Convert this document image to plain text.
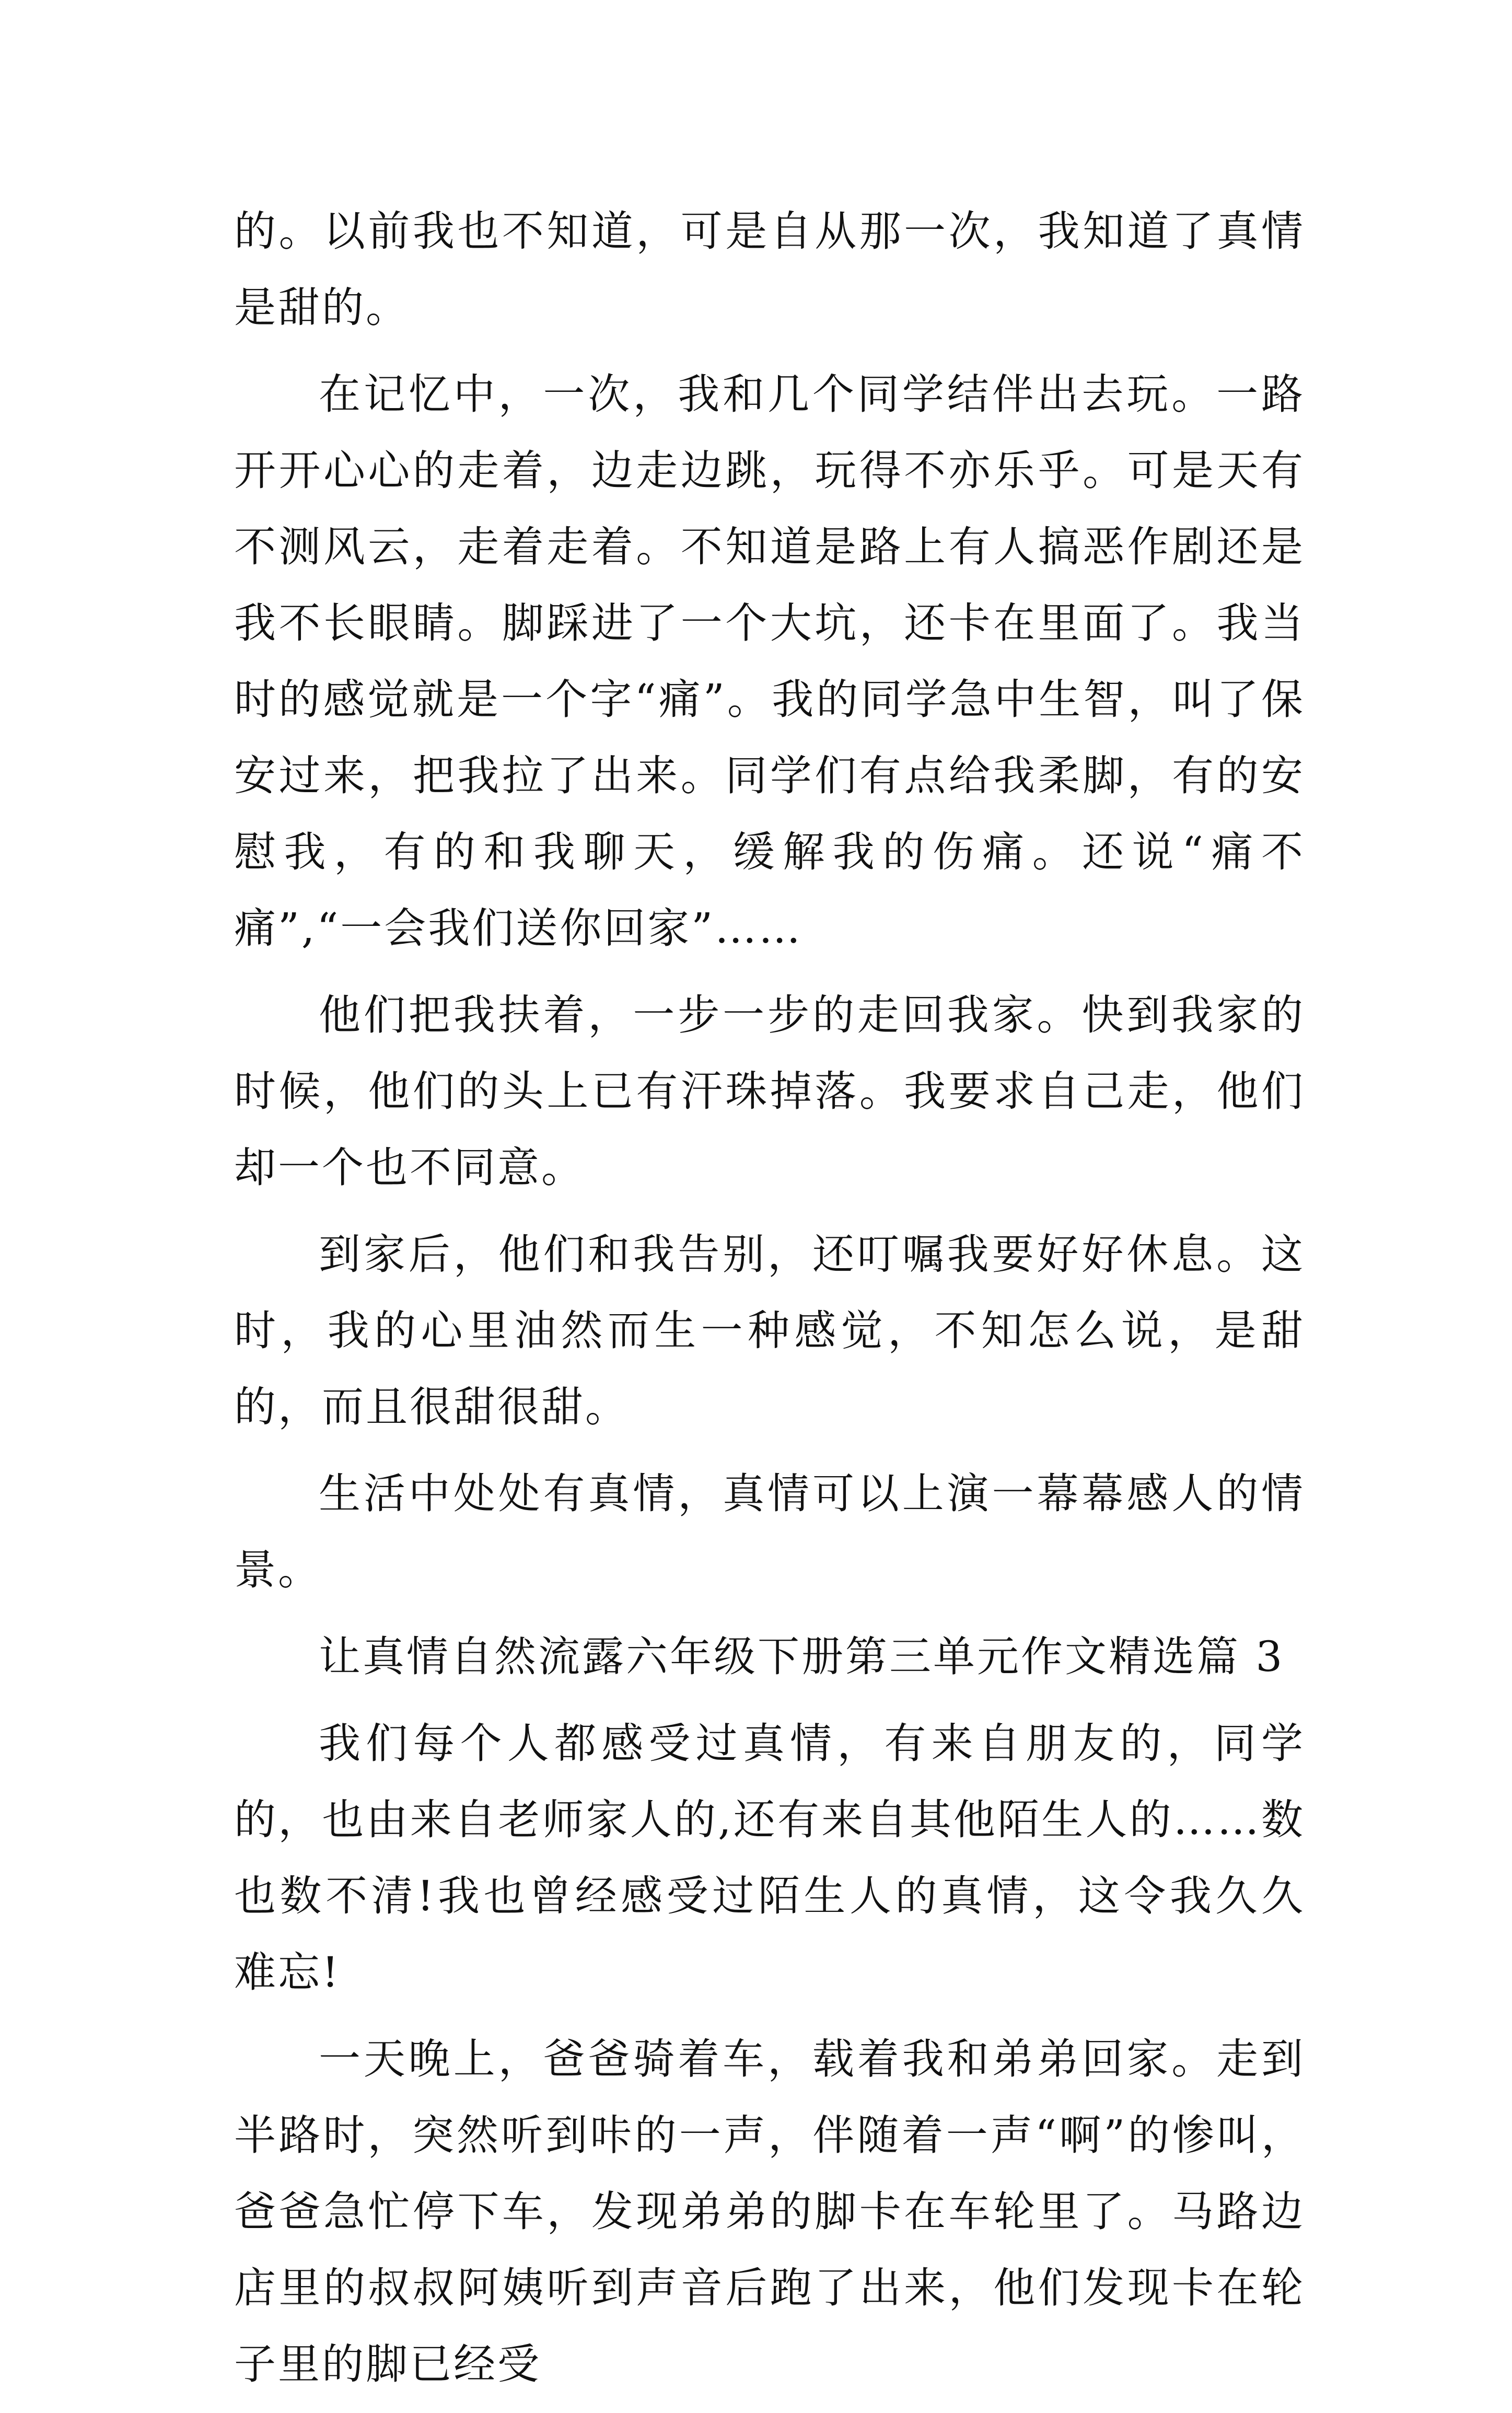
的。以前我也不知道，可是自从那一次，我知道了真情是甜的。

在记忆中，一次，我和几个同学结伴出去玩。一路开开心心的走着，边走边跳，玩得不亦乐乎。可是天有不测风云，走着走着。不知道是路上有人搞恶作剧还是我不长眼睛。脚踩进了一个大坑，还卡在里面了。我当时的感觉就是一个字“痛”。我的同学急中生智，叫了保安过来，把我拉了出来。同学们有点给我柔脚，有的安慰我，有的和我聊天，缓解我的伤痛。还说“痛不痛”,“一会我们送你回家”……

他们把我扶着，一步一步的走回我家。快到我家的时候，他们的头上已有汗珠掉落。我要求自己走，他们却一个也不同意。

到家后，他们和我告别，还叮嘱我要好好休息。这时，我的心里油然而生一种感觉，不知怎么说，是甜的，而且很甜很甜。

生活中处处有真情，真情可以上演一幕幕感人的情景。

让真情自然流露六年级下册第三单元作文精选篇 3

我们每个人都感受过真情，有来自朋友的，同学的，也由来自老师家人的,还有来自其他陌生人的……数也数不清!我也曾经感受过陌生人的真情，这令我久久难忘!

一天晚上，爸爸骑着车，载着我和弟弟回家。走到半路时，突然听到咔的一声，伴随着一声“啊”的惨叫，爸爸急忙停下车，发现弟弟的脚卡在车轮里了。马路边店里的叔叔阿姨听到声音后跑了出来，他们发现卡在轮子里的脚已经受
